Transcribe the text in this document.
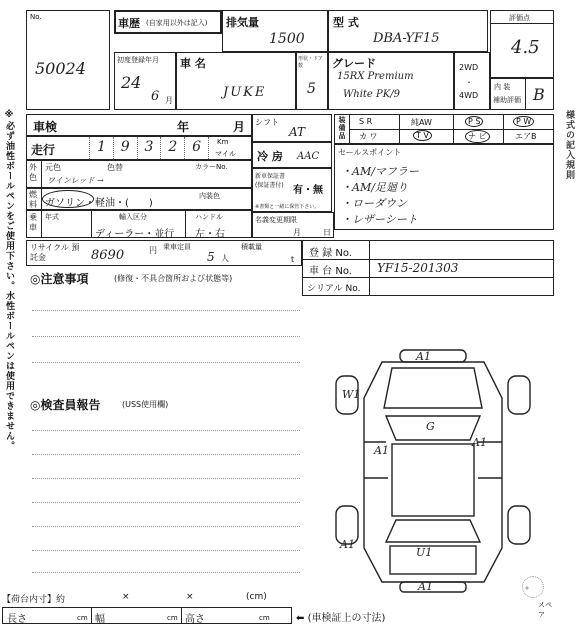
※必ず油性ボールペンをご使用下さい。水性ボールペンは使用できません。	様式の記入規則
No.
50024
車歴 (自家用以外は記入) 排気量
1500
型 式
DBA-YF15
評価点
4.5
初度登録年月
24
6 月
車 名
JUKE
形状・ドア数
5
グレード
15RX Premium
White PK/9
2WD
・
4WD
内 装
補助評価 B
車検	年	月
走行	1	9	3	2	6	Km
マイル
シフト
AT
冷 房 AAC
装備品 S R	純AW	P S	P W
カ ワ	T V	ナ ビ	エアB
セールスポイント
・AM/マフラー
・AM/足廻り
・ローダウン
・レザーシート
外色
元色	色替	カラーNo.
ワインレッド →
燃料 ガソリン・軽油・(　　)
内装色
新車保証書 (保証書付) 有・無
※書類と一緒に保管下さい。
乗車
年式	輸入区分
ディーラー・並行
ハンドル
左・右
名義変更期限
月	日
リサイクル 預託金	8690	円 乗車定員
5 人
積載量
t
登 録 No.
車 台 No. YF15-201303
シリアル No.
◎注意事項	(修復・不具合箇所および状態等)
◎検査員報告	(USS使用欄)
A1
W1
G
A1
A1
A1
U1
A1
スペア
【荷台内寸】約	×	×	(cm)
長さ	cm 幅	cm 高さ	cm	⬅ (車検証上の寸法)
